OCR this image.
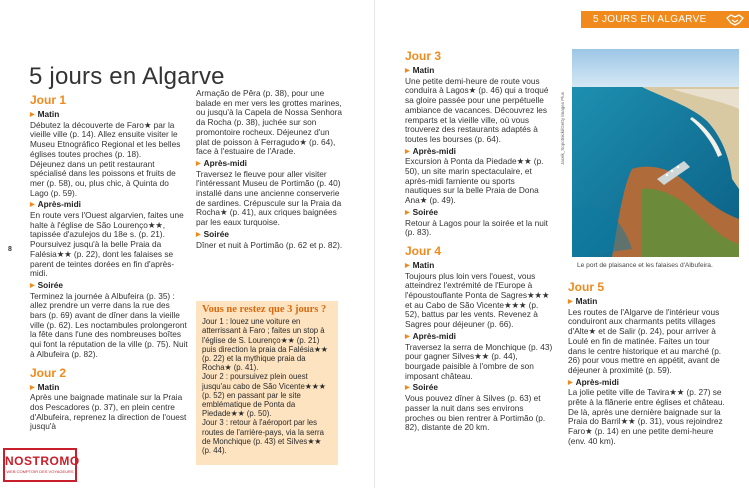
8
5 jours en Algarve
Jour 1
▶ Matin

Débutez la découverte de Faro★ par la vieille ville (p. 14). Allez ensuite visiter le Museu Etnográfico Regional et les belles églises toutes proches (p. 18).
Déjeunez dans un petit restaurant spécialisé dans les poissons et fruits de mer (p. 58), ou, plus chic, à Quinta do Lago (p. 59).

▶ Après-midi

En route vers l'Ouest algarvien, faites une halte à l'église de São Lourenço★★, tapissée d'azulejos du 18e s. (p. 21). Poursuivez jusqu'à la belle Praia da Falésia★★ (p. 22), dont les falaises se parent de teintes dorées en fin d'après-midi.

▶ Soirée

Terminez la journée à Albufeira (p. 35) : allez prendre un verre dans la rue des bars (p. 69) avant de dîner dans la vieille ville (p. 62). Les noctambules prolongeront la fête dans l'une des nombreuses boîtes qui font la réputation de la ville (p. 75). Nuit à Albufeira (p. 82).

Jour 2
▶ Matin

Après une baignade matinale sur la Praia dos Pescadores (p. 37), en plein centre d'Albufeira, reprenez la direction de l'ouest jusqu'à

Armação de Pêra (p. 38), pour une balade en mer vers les grottes marines, ou jusqu'à la Capela de Nossa Senhora da Rocha (p. 38), juchée sur son promontoire rocheux. Déjeunez d'un plat de poisson à Ferragudo★ (p. 64), face à l'estuaire de l'Arade.

▶ Après-midi

Traversez le fleuve pour aller visiter l'intéressant Museu de Portimão (p. 40) installé dans une ancienne conserverie de sardines. Crépuscule sur la Praia da Rocha★ (p. 41), aux criques baignées par les eaux turquoise.

▶ Soirée

Dîner et nuit à Portimão (p. 62 et p. 82).

Vous ne restez que 3 jours ?

Jour 1 : louez une voiture en atterrissant à Faro ; faites un stop à l'église de S. Lourenço★★ (p. 21) puis direction la praia da Falésia★★ (p. 22) et la mythique praia da Rocha★ (p. 41).

Jour 2 : poursuivez plein ouest jusqu'au cabo de São Vicente★★★ (p. 52) en passant par le site emblématique de Ponta da Piedade★★ (p. 50).

Jour 3 : retour à l'aéroport par les routes de l'arrière-pays, via la serra de Monchique (p. 43) et Silves★★ (p. 44).

NOSTROMO
WEB COMPTOIR DES VOYAGEURS
5 JOURS EN ALGARVE
Jour 3
▶ Matin

Une petite demi-heure de route vous conduira à Lagos★ (p. 46) qui a troqué sa gloire passée pour une perpétuelle ambiance de vacances. Découvrez les remparts et la vieille ville, où vous trouverez des restaurants adaptés à toutes les bourses (p. 64).

▶ Après-midi

Excursion à Ponta da Piedade★★ (p. 50), un site marin spectaculaire, et après-midi farniente ou sports nautiques sur la belle Praia de Dona Ana★ (p. 49).

▶ Soirée

Retour à Lagos pour la soirée et la nuit (p. 83).

Jour 4
▶ Matin

Toujours plus loin vers l'ouest, vous atteindrez l'extrémité de l'Europe à l'époustouflante Ponta de Sagres★★★ et au Cabo de São Vicente★★★ (p. 52), battus par les vents. Revenez à Sagres pour déjeuner (p. 66).

▶ Après-midi

Traversez la serra de Monchique (p. 43) pour gagner Silves★★ (p. 44), bourgade paisible à l'ombre de son imposant château.

▶ Soirée

Vous pouvez dîner à Silves (p. 63) et passer la nuit dans ses environs proches ou bien rentrer à Portimão (p. 82), distante de 20 km.

Jacek_Sopotnicki/Getty Images Plus
Le port de plaisance et les falaises d'Albufeira.
Jour 5
▶ Matin

Les routes de l'Algarve de l'intérieur vous conduiront aux charmants petits villages d'Alte★ et de Salir (p. 24), pour arriver à Loulé en fin de matinée. Faites un tour dans le centre historique et au marché (p. 26) pour vous mettre en appétit, avant de déjeuner à proximité (p. 59).

▶ Après-midi

La jolie petite ville de Tavira★★ (p. 27) se prête à la flânerie entre églises et château. De là, après une dernière baignade sur la Praia do Barril★★ (p. 31), vous rejoindrez Faro★ (p. 14) en une petite demi-heure (env. 40 km).
